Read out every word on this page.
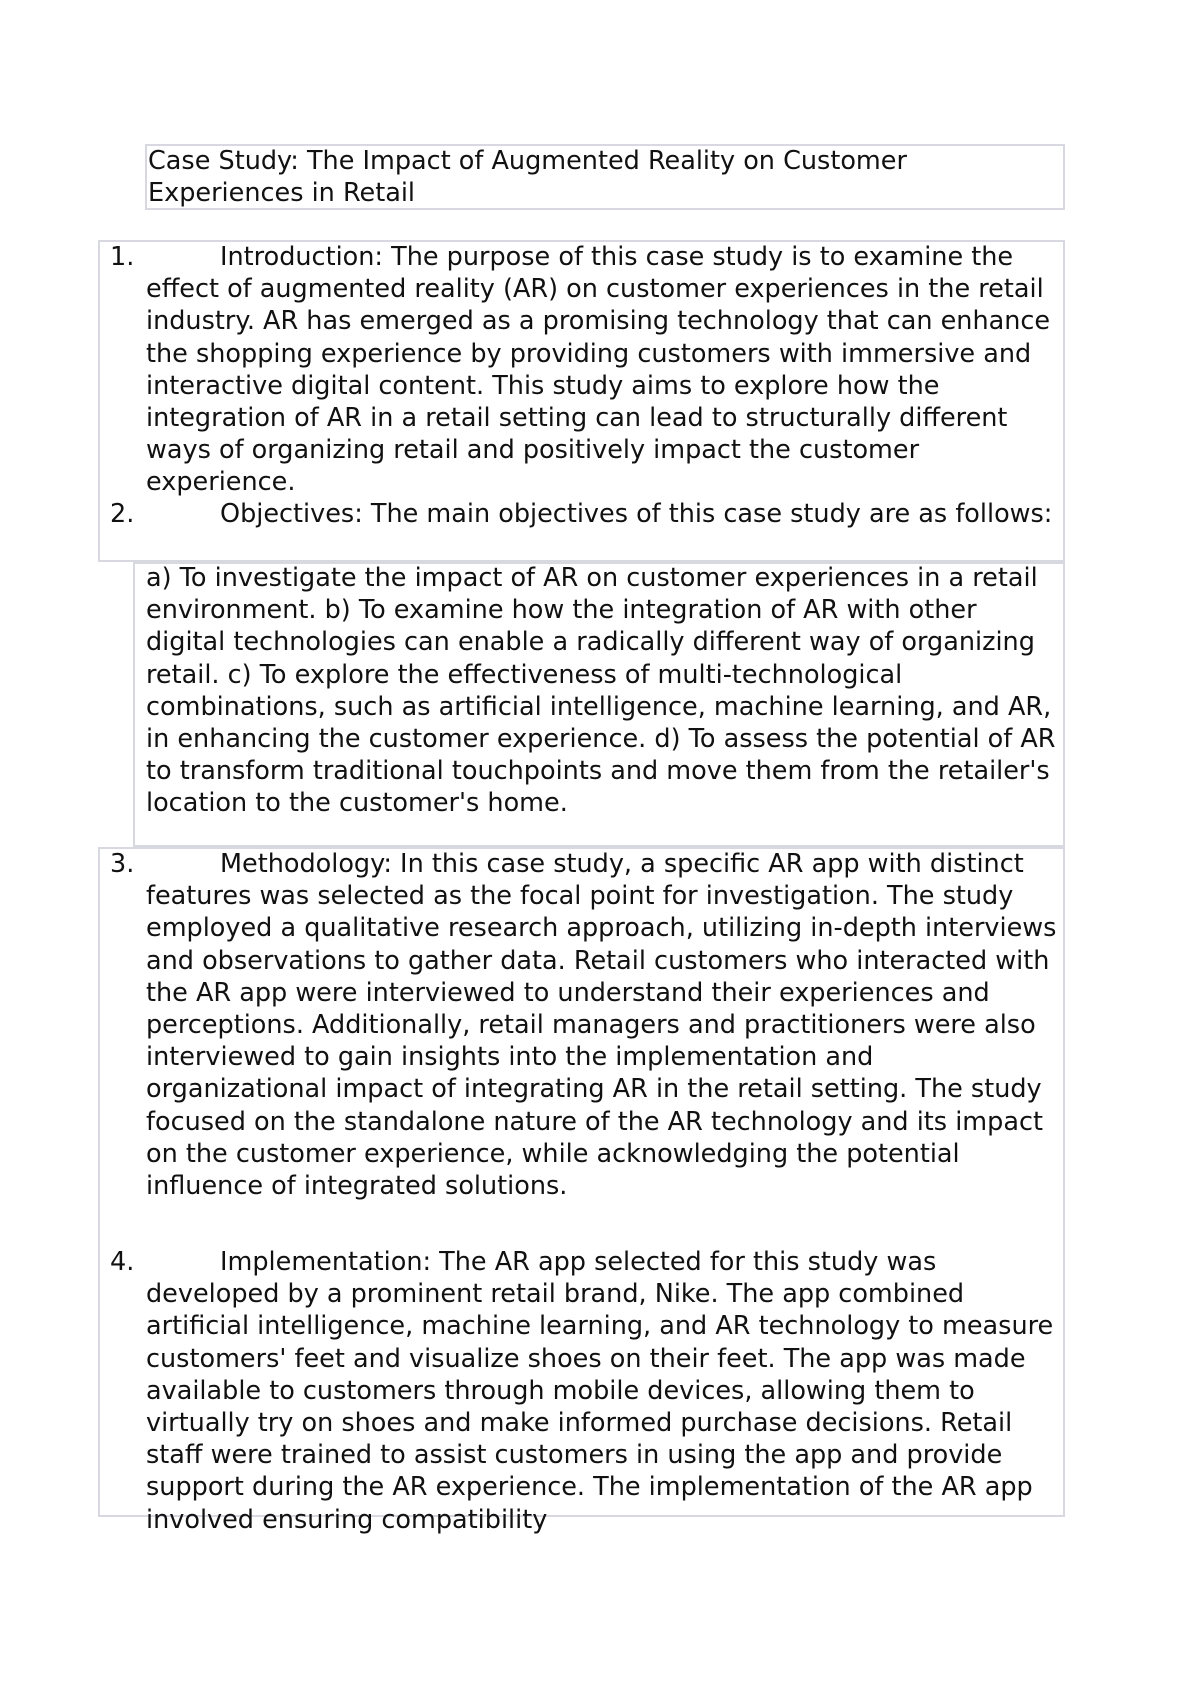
Case Study: The Impact of Augmented Reality on Customer Experiences in Retail

1.	Introduction: The purpose of this case study is to examine the effect of augmented reality (AR) on customer experiences in the retail industry. AR has emerged as a promising technology that can enhance the shopping experience by providing customers with immersive and interactive digital content. This study aims to explore how the integration of AR in a retail setting can lead to structurally different ways of organizing retail and positively impact the customer experience.

2.	Objectives: The main objectives of this case study are as follows:

a) To investigate the impact of AR on customer experiences in a retail environment. b) To examine how the integration of AR with other digital technologies can enable a radically different way of organizing retail. c) To explore the effectiveness of multi-technological combinations, such as artificial intelligence, machine learning, and AR, in enhancing the customer experience. d) To assess the potential of AR to transform traditional touchpoints and move them from the retailer's location to the customer's home.

3.	Methodology: In this case study, a specific AR app with distinct features was selected as the focal point for investigation. The study employed a qualitative research approach, utilizing in-depth interviews and observations to gather data. Retail customers who interacted with the AR app were interviewed to understand their experiences and perceptions. Additionally, retail managers and practitioners were also interviewed to gain insights into the implementation and organizational impact of integrating AR in the retail setting. The study focused on the standalone nature of the AR technology and its impact on the customer experience, while acknowledging the potential influence of integrated solutions.

4.	Implementation: The AR app selected for this study was developed by a prominent retail brand, Nike. The app combined artificial intelligence, machine learning, and AR technology to measure customers' feet and visualize shoes on their feet. The app was made available to customers through mobile devices, allowing them to virtually try on shoes and make informed purchase decisions. Retail staff were trained to assist customers in using the app and provide support during the AR experience. The implementation of the AR app involved ensuring compatibility
